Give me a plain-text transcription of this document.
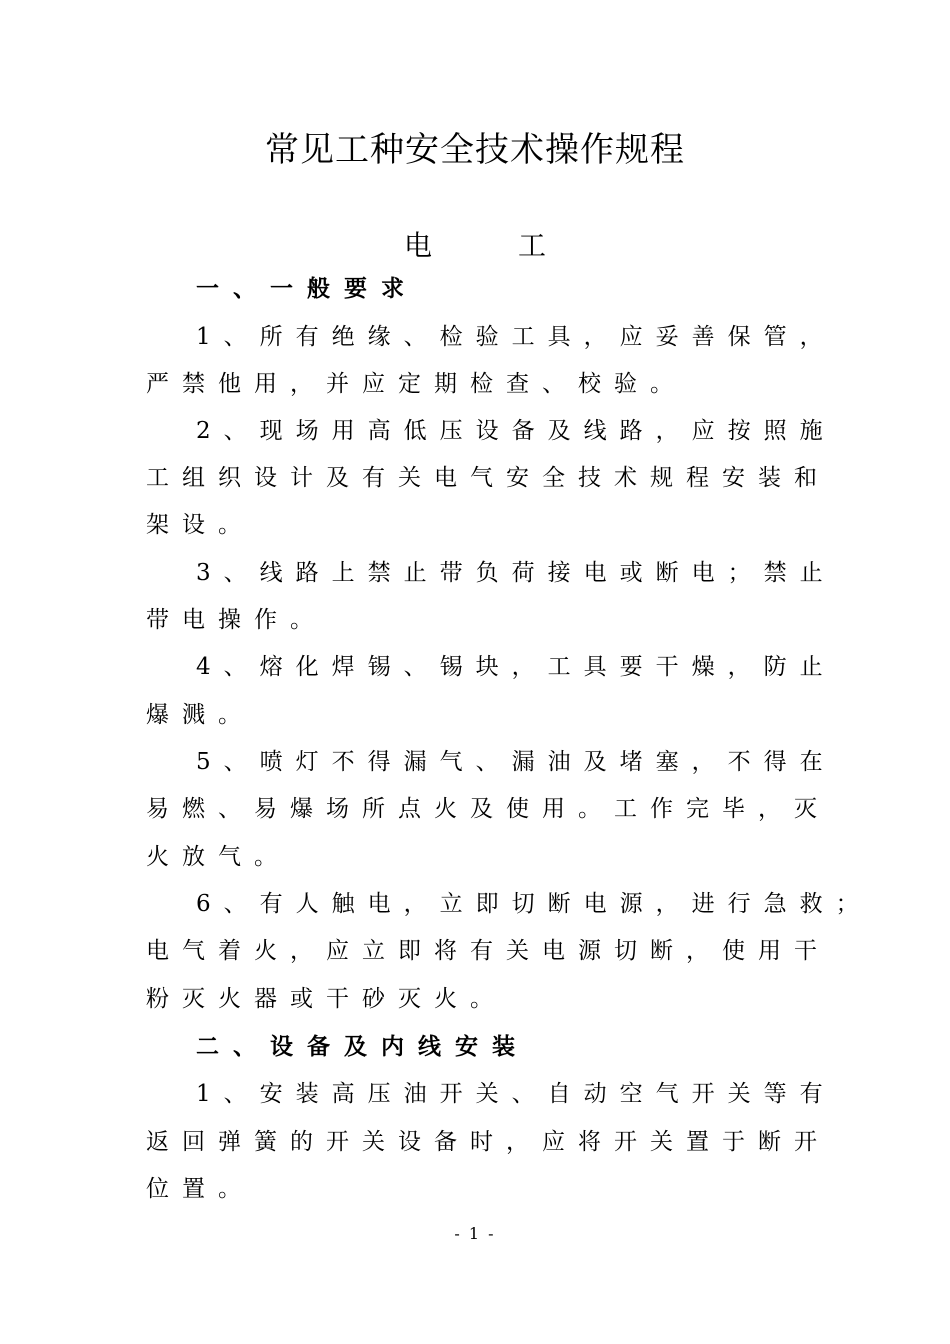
常见工种安全技术操作规程
电工
一、一般要求
1、所有绝缘、检验工具，应妥善保管，
严禁他用，并应定期检查、校验。
2、现场用高低压设备及线路，应按照施
工组织设计及有关电气安全技术规程安装和
架设。
3、线路上禁止带负荷接电或断电；禁止
带电操作。
4、熔化焊锡、锡块，工具要干燥，防止
爆溅。
5、喷灯不得漏气、漏油及堵塞，不得在
易燃、易爆场所点火及使用。工作完毕，灭
火放气。
6、有人触电，立即切断电源，进行急救；
电气着火，应立即将有关电源切断，使用干
粉灭火器或干砂灭火。
二、设备及内线安装
1、安装高压油开关、自动空气开关等有
返回弹簧的开关设备时，应将开关置于断开
位置。
- 1 -
